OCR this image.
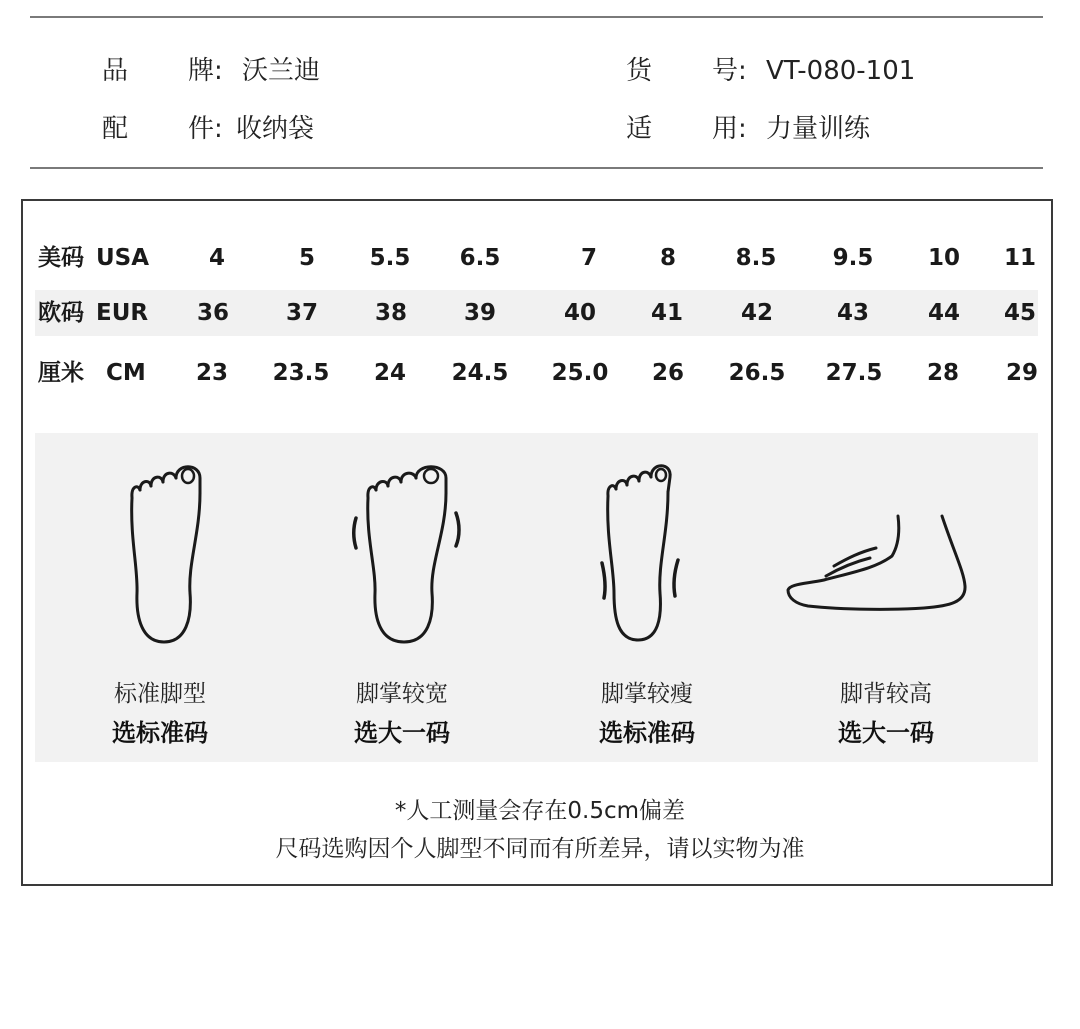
品 牌: 沃兰迪	货 号: VT-080-101
配 件: 收纳袋	适 用: 力量训练
美码 USA	4	5	5.5	6.5	7	8	8.5	9.5	10	11
欧码 EUR	36	37	38	39	40	41	42	43	44	45
厘米 CM	23	23.5	24	24.5	25.0	26	26.5	27.5	28	29
标准脚型
选标准码
脚掌较宽
选大一码
脚掌较瘦
选标准码
脚背较高
选大一码
*人工测量会存在0.5cm偏差
尺码选购因个人脚型不同而有所差异，请以实物为准
